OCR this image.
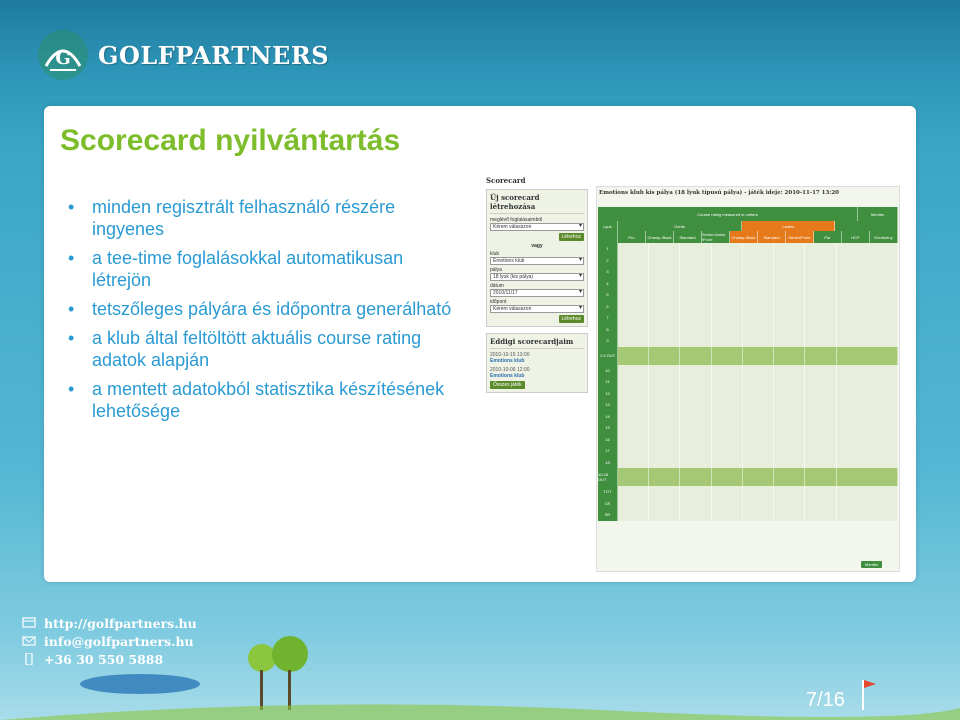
G GOLFPARTNERS
Scorecard nyilvántartás
• minden regisztrált felhasználó részére ingyenes
• a tee-time foglalásokkal automatikusan létrejön
• tetszőleges pályára és időpontra generálható
• a klub által feltöltött aktuális course rating adatok alapján
• a mentett adatokból statisztika készítésének lehetősége
Scorecard
Új scorecard létrehozása
meglévő foglalásaimból
Kérem válasszon ▾
Létrehoz
vagy
klub
Emotions klub ▾
pálya
18 lyuk (kis pálya) ▾
dátum
2010/11/17 ▾
időpont
Kérem válasszon ▾
Létrehoz
Eddigi scorecardjaim
2010-10-15 13:00
Emotions klub
2010-10-06 12:00
Emotions klub
Összes játék
Emotions klub kis pálya (18 lyuk típusú pálya) - játék ideje: 2010-11-17 13:20
Course rating measured in meters	Mentés
Lyuk	Gents	Ladies
Pro	Champ./Back	Standard	Senior/Junior /Front	Champ./Back	Standard	Senior/Front	Par	HCP	Eredmény
1
2
3
4
5
6
7
8
9
1-9 OUT
10
11
12
13
14
15
16
17
18
10-18 OUT
TOT
CR
SR
Mentés
http://golfpartners.hu
info@golfpartners.hu
+36 30 550 5888
7/16
